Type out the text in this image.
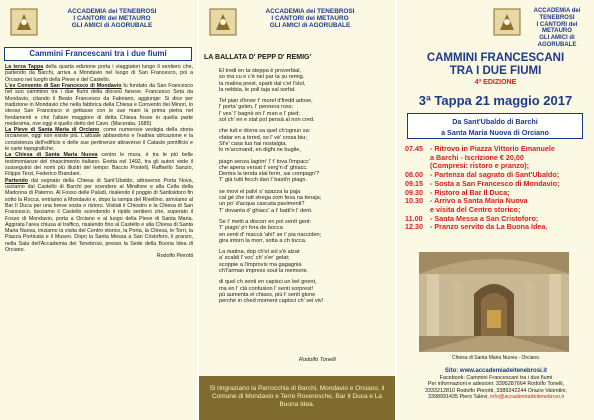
ACCADEMIA dei TENEBROSI
I CANTORI del METAURO
GLI AMICI di AGORUBALE
Cammini Francescani tra i due fiumi

La terza Tappa della quarta edizione porta i viaggiatori lungo il sentiero che, partendo da Barchi, arriva a Mondavio nel luogo di San Francesco, poi a Orciano nei luoghi della Pieve e del Castello.

L'ex Convento di San Francesco di Mondavio fu fondato da San Francesco nel suo cammino tra i due fiumi della diocesi fanese. Francesco Seta da Mondavio, citando il Beato Francesco da Fabriano, aggiunge: Si dice per tradizione in Mondavio che nella fabbrica della Chiesa e Convento dei Minori, lo stesso San Francesco vi gettasse con le sue mani la prima pietra nel fondamenti e che l'altare maggiore di detta Chiesa fosse in quella parte medesima, ove oggi è quello detto del Cavo. (Macerata, 1685)

La Pieve di Santa Maria di Orciano, come numerose vestigia della storia orcianese, oggi non esiste più. L'attuale abbandono e l'eattiva ubicazione e la consistenza dell'edificio e delle sue pertinenze attraverso il Catasto pontificio e le carte topografiche.

La Chiesa di Santa Maria Nuova centro le mura, è tra le più belle testimonianze del rinascimento italiano. Eretta nel 1492, tra gli autori vede il susseguirsi dei nomi più illustri del tempo: Baccio Pontelli, Raffaello Sanzio, Filippo Terzi, Federico Brandani.

Partendo dal segnato della Chiesa di Sant'Ubaldo, attraverso Porta Nova, usciamo dal Castello di Barchi per scendere al Mirafiore e alla Cella della Madonna di Paterno. Al Fosso delle Paludi, risalendo il poggio di Santisidoro fin sotto la Rocca, entriamo a Mondavio e, dopo la rampa del Rivellino, arriviamo al Bar Il Duca per una breve sosta e ristoro. Visitati il Chiostro e la Chiesa di San Francesco, lasciamo il Castello scendendo il ripido sentiero che, superato il Fosso di Mondavio, porta a Orciano e al luogo della Pieve di Santa Maria. Aggirata l'area chiusa al traffico, risalendo fino al Castello e alla Chiesa di Santa Maria Nuova, iniziamo la visita del Centro storico, la Porta, la Chiesa, le Torri, la Piazza Porticata e il Museo. Dopo la Santa Messa a San Cristoforo, il pranzo, nella Sala dell'Accademia dei Tenebrosi, presso la Sede della Buona Idea di Orciano.

Rodolfo Pierotti

ACCADEMIA dei TENEBROSI
I CANTORI del METAURO
GLI AMICI di AGORUBALE
LA BALLATA D' PEPP D' REMIG'
El tredi en ta steppa è proverbial,
so ma cu e c'è nel par ta su remig.
la matina prest, sparti dal c'el l'stol,
la nebbia, le poll taja sal sorfat.
Tel pian d'inver t' morel d'fredd adose,
l' porta' gelen, l' pennera ross;
l' ves' l' bagnè en l' man e l' pied;
sol ch' en e stat pot pensà al non cred.
che tutt e dovra sa quel ch'ognun sa:
cfatar en a tirred, so l' vè' crosa biu;
St'e' casa tua hai nostalgia,
lo m'arcmand, en dighi ne buglie,
piagn senza lagrim' l' t' tova l'impacc'
che apena versat t' verg'n d' ghiacc.
Dentra la tenda stai ferm, sai compagn'?
T' già tutti fecch dan l' basti'n piagn.
se movi el palvì s' spazza la paja
cal gè che tutt strega com fesa na tenaja;
un po' d'acqua cascata pavimenti?
T' dovanta d' ghiacc' a t' batti'n l' dent.
Se t' metti a discorr en poi sentì gent:
T' piagn' p'r fora de bocca
en senti d' maccà 'ahi!' se t' pia nacciden;
gira intorn la morr, sotta a ch tocca.
La matina, dop ch'el sol s'è alzat
a' scaldi l' voc' ch' s'er' gelat;
scoppie a l'improvis ma gagagnia
ch'l'arman impress sout la memorie.
di quel ch senti en capisci un bel gnent,
ma en l' cià confusion l' senti sorprest!
pù aumenta el chiass, più t' senti gione
perchè in ched moment capisci ch' sei viv!
Rodolfo Tonelli
Si ringraziano la Parrocchia di Barchi, Mondavio e Orciano, il Comune di Mondavio e Terre Roveresche, Bar Il Duca e La Buona Idea.
ACCADEMIA dei TENEBROSI
I CANTORI del METAURO
GLI AMICI di AGORUBALE
CAMMINI FRANCESCANI
TRA I DUE FIUMI
4ª EDIZIONE
3ª Tappa 21 maggio 2017
Da Sant'Ubaldo di Barchi
a Santa Maria Nuova di Orciano
07.45 - Ritrovo in Piazza Vittorio Emanuele
a Barchi - Iscrizione € 20,00
(Compresi: ristoro e pranzo);
08.00 - Partenza dal sagrato di Sant'Ubaldo;
09.15 - Sosta a San Francesco di Mondavio;
09.30 - Ristoro al Bar Il Duca;
10.30 - Arrivo a Santa Maria Nuova
e visita del Centro storico;
11.00	- Santa Messa a San Cristoforo;
12.30 - Pranzo servito da La Buona Idea.
Chiesa di Santa Maria Nuova - Orciano
Sito: www.accademiadeitenebrosi.it
Facebook: Cammini Francescani tra i due fiumi
Per informazioni e adesioni: 3395287664 Rodolfo Tonelli,
3333212810 Rodolfo Pierotti, 3389242244 Orazio Valentini,
3398991435 Piero Talevi, info@accademiadeitenebrosi.it
